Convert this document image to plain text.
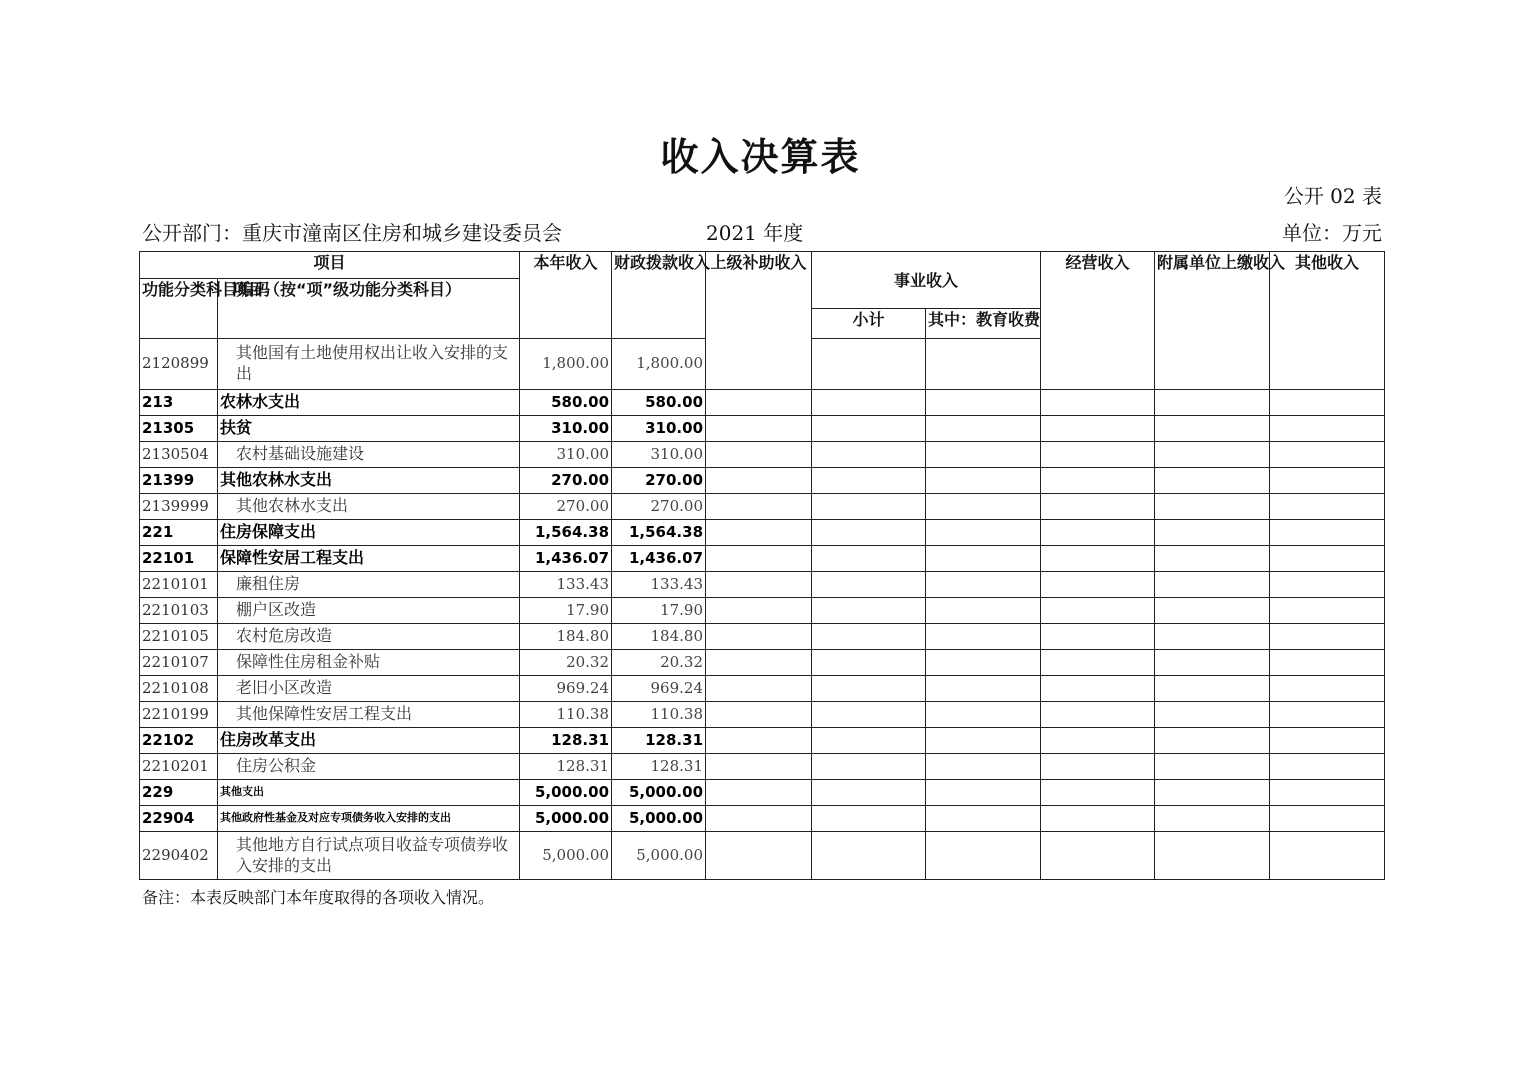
收入决算表
公开 02 表
公开部门：重庆市潼南区住房和城乡建设委员会	2021 年度	单位：万元
项目		本年收入	财政拨款收入	上级补助收入	事业收入		经营收入	附属单位上缴收入	其他收入

功能分类科目编码	项目（按“项”级功能分类科目）								
					小计	其中：教育收费			

2120899	其他国有土地使用权出让收入安排的支出	1,800.00	1,800.00						
213	农林水支出	580.00	580.00						
21305	扶贫	310.00	310.00						
2130504	农村基础设施建设	310.00	310.00						
21399	其他农林水支出	270.00	270.00						
2139999	其他农林水支出	270.00	270.00						
221	住房保障支出	1,564.38	1,564.38						
22101	保障性安居工程支出	1,436.07	1,436.07						
2210101	廉租住房	133.43	133.43						
2210103	棚户区改造	17.90	17.90						
2210105	农村危房改造	184.80	184.80						
2210107	保障性住房租金补贴	20.32	20.32						
2210108	老旧小区改造	969.24	969.24						
2210199	其他保障性安居工程支出	110.38	110.38						
22102	住房改革支出	128.31	128.31						
2210201	住房公积金	128.31	128.31						
229	其他支出	5,000.00	5,000.00						
22904	其他政府性基金及对应专项债务收入安排的支出	5,000.00	5,000.00						
2290402	其他地方自行试点项目收益专项债券收入安排的支出	5,000.00	5,000.00						
备注：本表反映部门本年度取得的各项收入情况。
